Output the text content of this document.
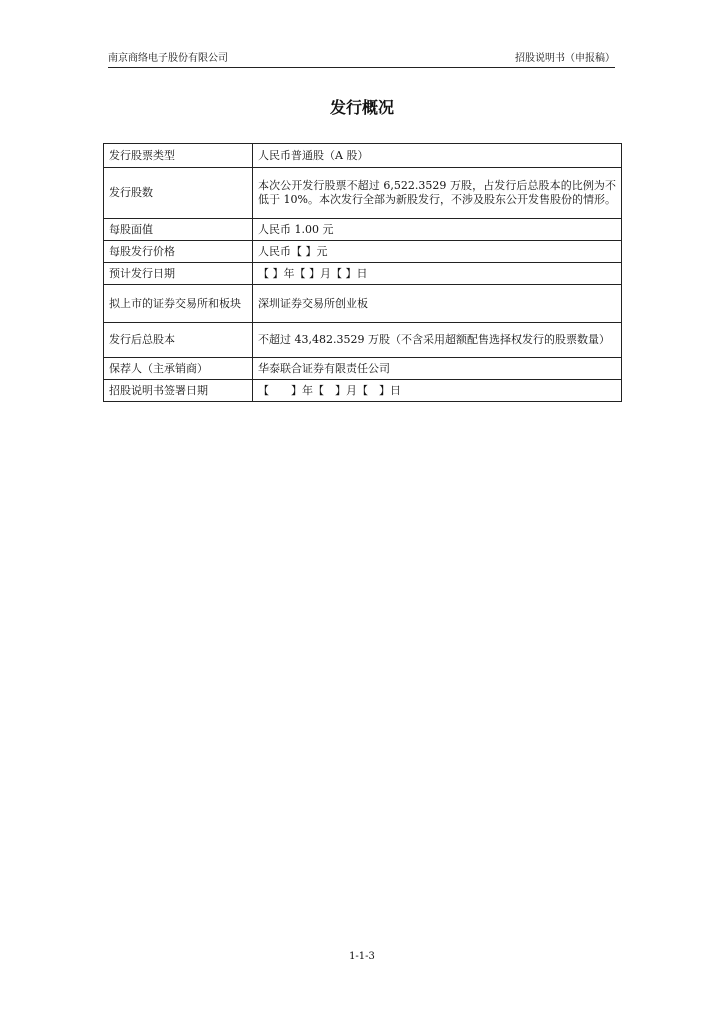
南京商络电子股份有限公司	招股说明书（申报稿）
发行概况
发行股票类型	人民币普通股（A 股）
发行股数	本次公开发行股票不超过 6,522.3529 万股，占发行后总股本的比例为不低于 10%。本次发行全部为新股发行，不涉及股东公开发售股份的情形。
每股面值	人民币 1.00 元
每股发行价格	人民币【 】元
预计发行日期	【 】年【 】月【 】日
拟上市的证券交易所和板块	深圳证券交易所创业板
发行后总股本	不超过 43,482.3529 万股（不含采用超额配售选择权发行的股票数量）
保荐人（主承销商）	华泰联合证券有限责任公司
招股说明书签署日期	【　　】年【　】月【　】日
1-1-3
